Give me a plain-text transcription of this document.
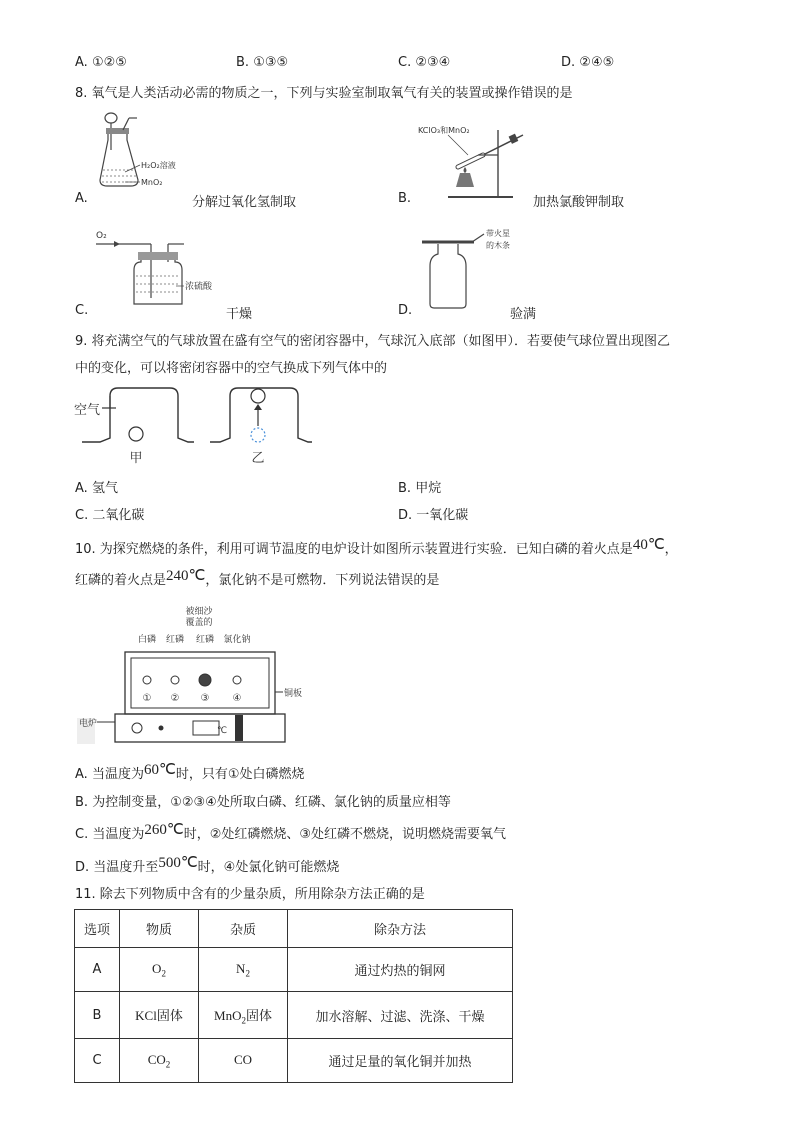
A. ①②⑤	B. ①③⑤	C. ②③④	D. ②④⑤
8. 氧气是人类活动必需的物质之一，下列与实验室制取氧气有关的装置或操作错误的是
H₂O₂溶液
MnO₂
A.	分解过氧化氢制取
KClO₃和MnO₂
B.	加热氯酸钾制取
O₂
浓硫酸
C.	干燥
带火星
的木条
D.	验满
9. 将充满空气的气球放置在盛有空气的密闭容器中，气球沉入底部（如图甲）．若要使气球位置出现图乙
中的变化，可以将密闭容器中的空气换成下列气体中的
空气
甲	乙
A. 氢气	B. 甲烷
C. 二氧化碳	D. 一氧化碳
10. 为探究燃烧的条件，利用可调节温度的电炉设计如图所示装置进行实验．已知白磷的着火点是40℃，
红磷的着火点是240℃，氯化钠不是可燃物．下列说法错误的是
被细沙
覆盖的
白磷 红磷 红磷 氯化钠
① ② ③ ④	铜板
电炉
℃
A. 当温度为60℃时，只有①处白磷燃烧
B. 为控制变量，①②③④处所取白磷、红磷、氯化钠的质量应相等
C. 当温度为260℃时，②处红磷燃烧、③处红磷不燃烧，说明燃烧需要氧气
D. 当温度升至500℃时，④处氯化钠可能燃烧
11. 除去下列物质中含有的少量杂质，所用除杂方法正确的是
选项	物质	杂质	除杂方法
A	$O_2$	$N_2$	通过灼热的铜网
B	KCl固体	MnO$_2$固体	加水溶解、过滤、洗涤、干燥
C	$CO_2$	CO	通过足量的氧化铜并加热
